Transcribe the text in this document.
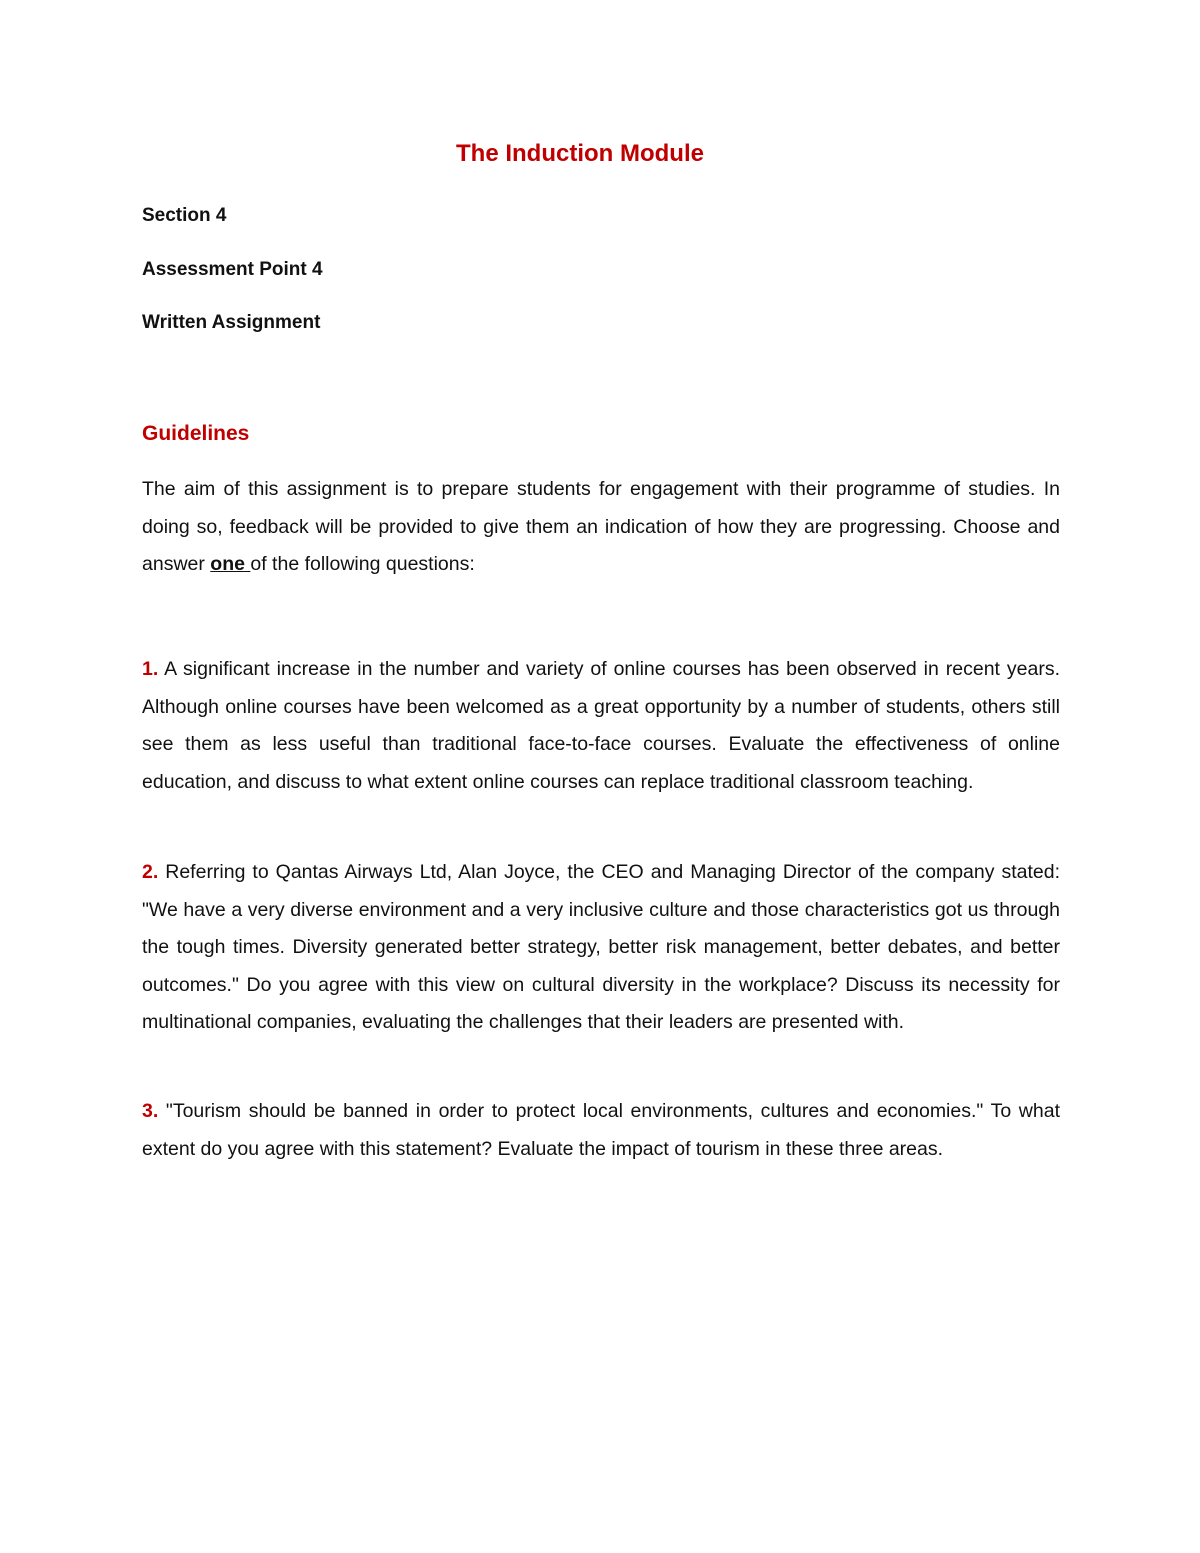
The Induction Module

Section 4

Assessment Point 4

Written Assignment

Guidelines

The aim of this assignment is to prepare students for engagement with their programme of studies. In doing so, feedback will be provided to give them an indication of how they are progressing. Choose and answer one of the following questions:

1. A significant increase in the number and variety of online courses has been observed in recent years. Although online courses have been welcomed as a great opportunity by a number of students, others still see them as less useful than traditional face-to-face courses. Evaluate the effectiveness of online education, and discuss to what extent online courses can replace traditional classroom teaching.

2. Referring to Qantas Airways Ltd, Alan Joyce, the CEO and Managing Director of the company stated: "We have a very diverse environment and a very inclusive culture and those characteristics got us through the tough times. Diversity generated better strategy, better risk management, better debates, and better outcomes." Do you agree with this view on cultural diversity in the workplace? Discuss its necessity for multinational companies, evaluating the challenges that their leaders are presented with.

3. "Tourism should be banned in order to protect local environments, cultures and economies." To what extent do you agree with this statement? Evaluate the impact of tourism in these three areas.
